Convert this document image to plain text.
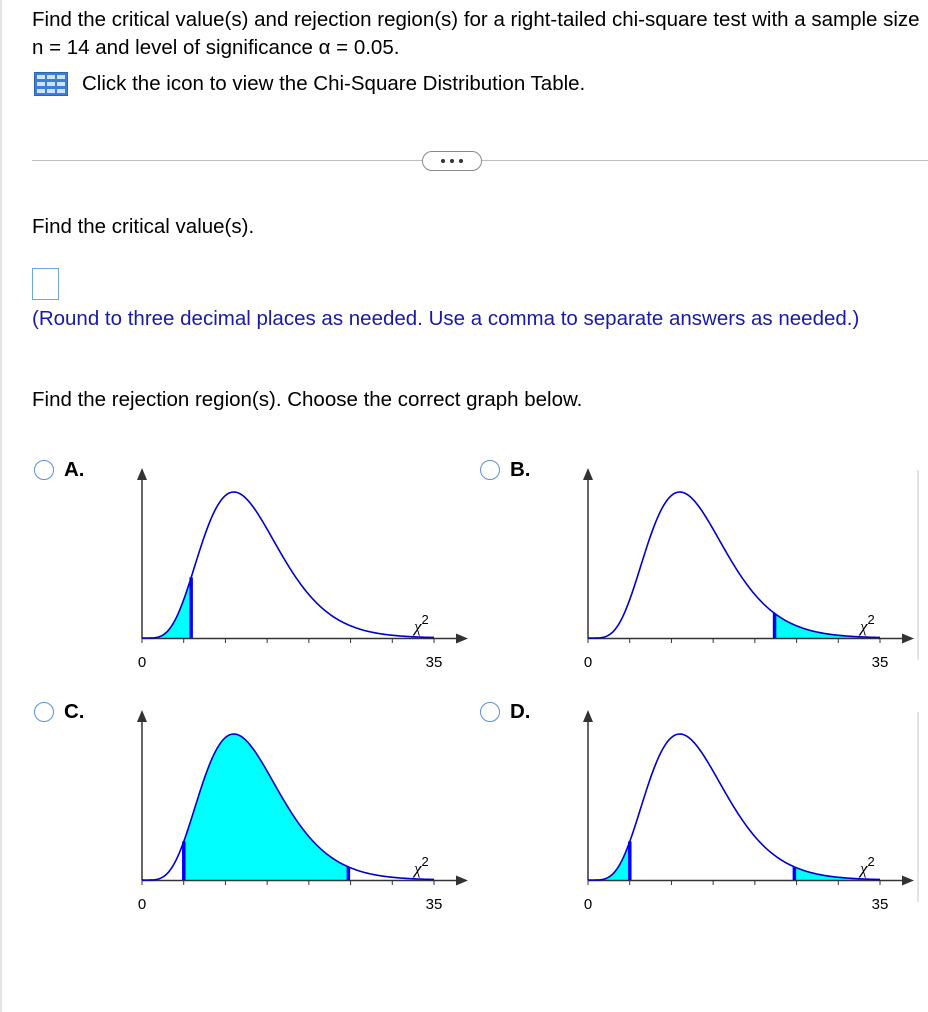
Find the critical value(s) and rejection region(s) for a right-tailed chi-square test with a sample size n = 14 and level of significance α = 0.05.
Click the icon to view the Chi-Square Distribution Table.
Find the critical value(s).
(Round to three decimal places as needed. Use a comma to separate answers as needed.)
Find the rejection region(s). Choose the correct graph below.
A.
$\chi^2$
0	35
B.
$\chi^2$
0	35
C.
$\chi^2$
0	35
D.
$\chi^2$
0	35
